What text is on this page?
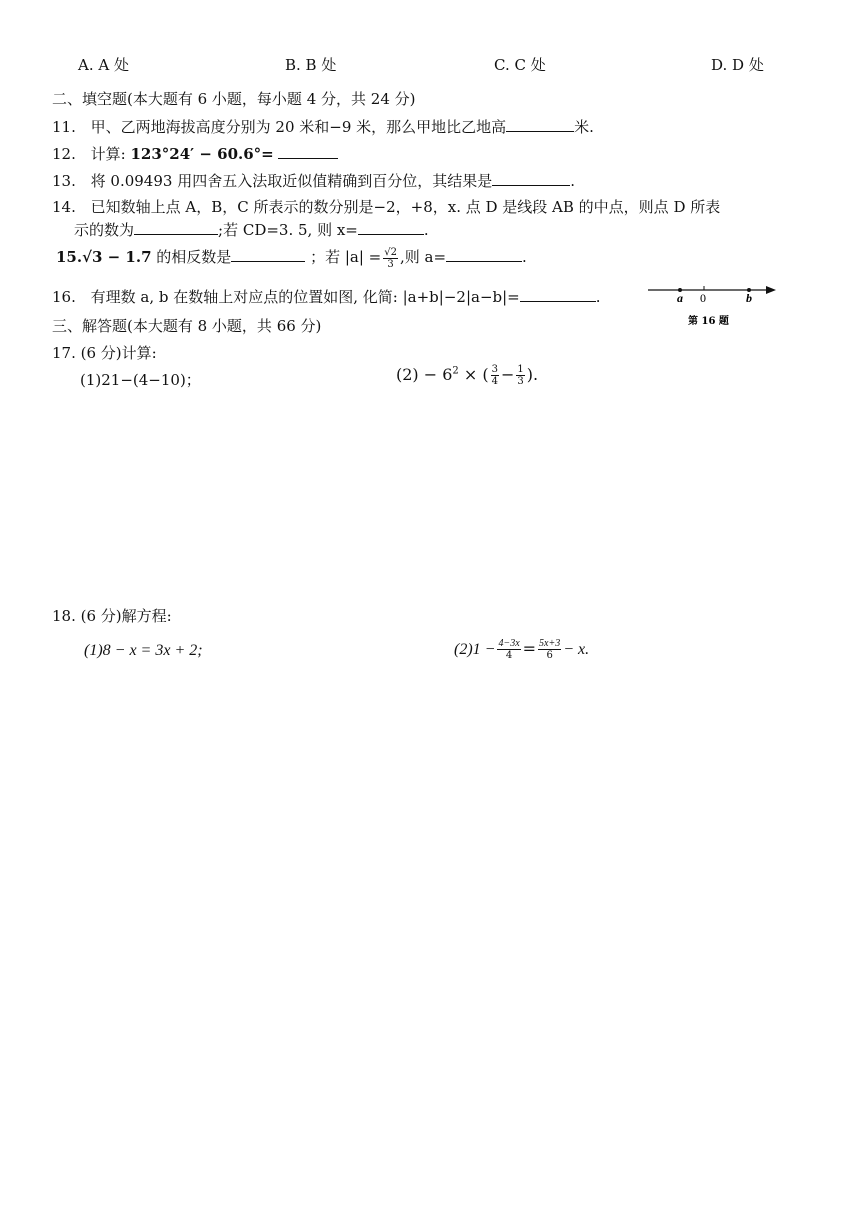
A. A 处	B. B 处	C. C 处	D. D 处
二、填空题(本大题有 6 小题，每小题 4 分，共 24 分)
11. 甲、乙两地海拔高度分别为 20 米和−9 米，那么甲地比乙地高	米.
12. 计算: 123°24′ − 60.6°=
13. 将 0.09493 用四舍五入法取近似值精确到百分位，其结果是	.
14. 已知数轴上点 A，B，C 所表示的数分别是−2，+8，x. 点 D 是线段 AB 的中点，则点 D 所表
示的数为	;若 CD=3. 5, 则 x=	.
15.√3 − 1.7 的相反数是	；若 $|a| = \frac{√2}{3}$ ,则 a=	.
16. 有理数 a, b 在数轴上对应点的位置如图, 化简: |a+b|−2|a−b|=	.	a 0	b
第 16 题
三、解答题(本大题有 8 小题，共 66 分)
17. (6 分)计算:
(1)21−(4−10)；	$(2) - 6^2$ × ( $\frac{3}{4} - \frac{1}{3}$ ).
18. (6 分)解方程:
(1)8 − x = 3x + 2;	$(2)1 - \frac{4-3x}{4} = \frac{5x+3}{6} - x$.
